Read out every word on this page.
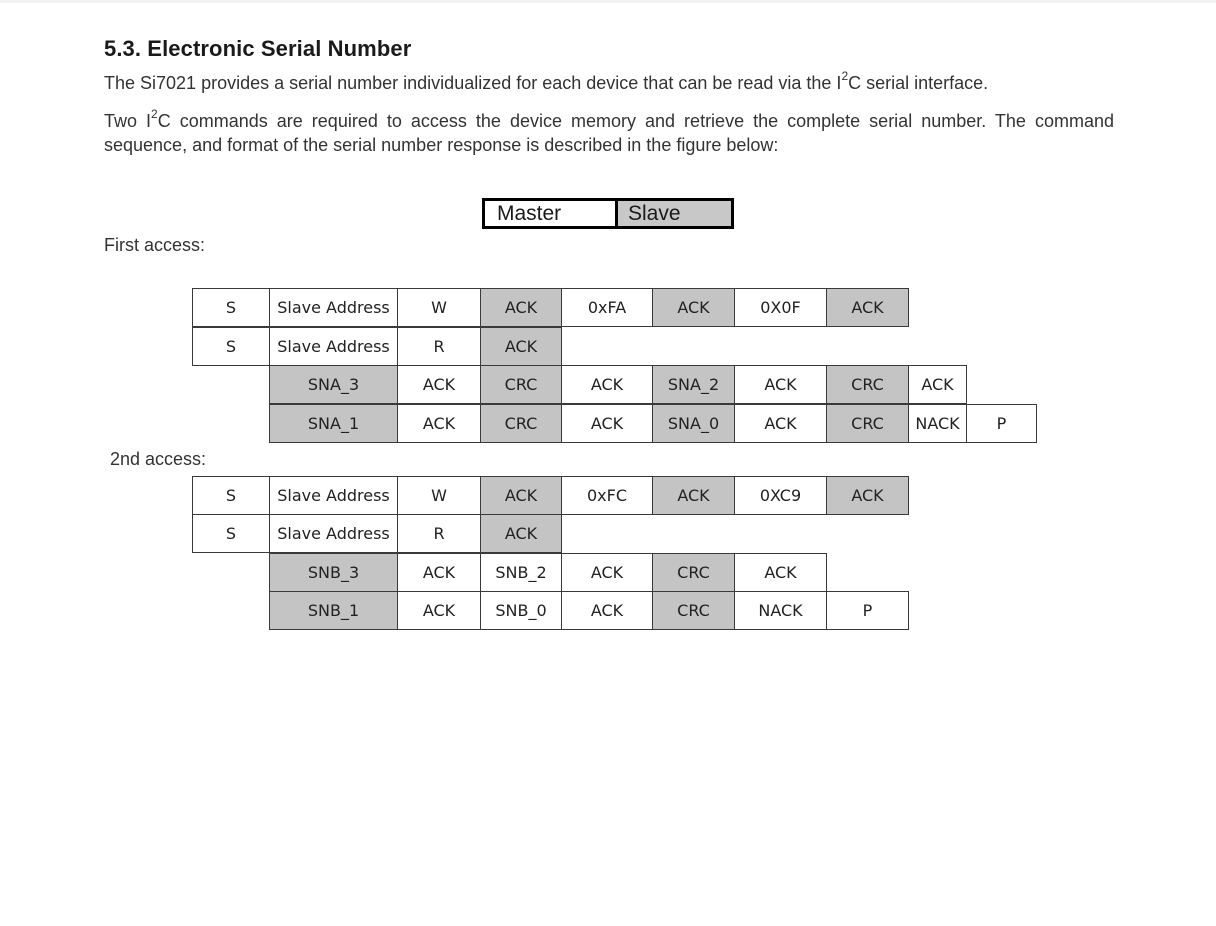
5.3. Electronic Serial Number
The Si7021 provides a serial number individualized for each device that can be read via the $I^2C$ serial interface.
Two $I^2C$ commands are required to access the device memory and retrieve the complete serial number. The command sequence, and format of the serial number response is described in the figure below:
Master	Slave
First access:
2nd access:
S	Slave Address	W	ACK	0xFA	ACK	0X0F	ACK
S	Slave Address	R	ACK
SNA_3	ACK	CRC	ACK	SNA_2	ACK	CRC	ACK
SNA_1	ACK	CRC	ACK	SNA_0	ACK	CRC	NACK	P
S	Slave Address	W	ACK	0xFC	ACK	0XC9	ACK
S	Slave Address	R	ACK
SNB_3	ACK	SNB_2	ACK	CRC	ACK
SNB_1	ACK	SNB_0	ACK	CRC	NACK	P
